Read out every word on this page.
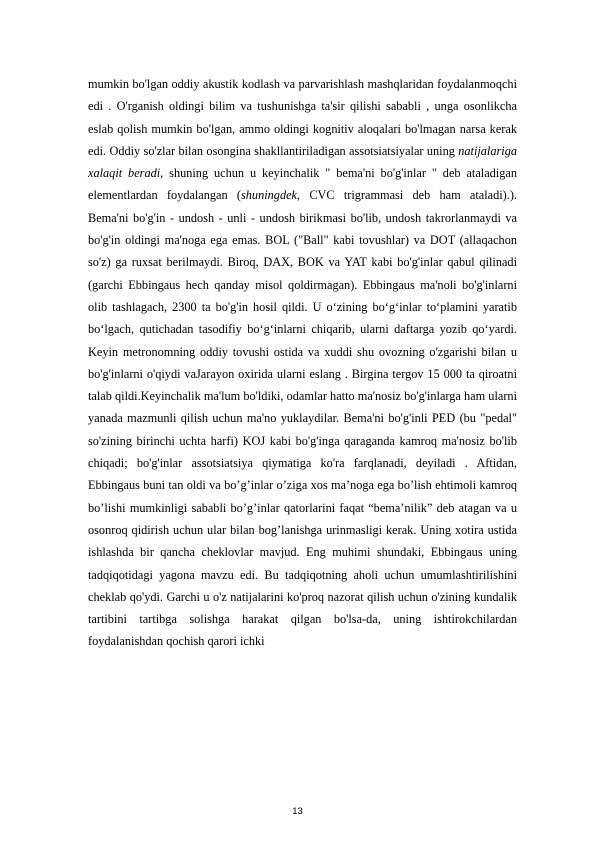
mumkin bo'lgan oddiy akustik kodlash va parvarishlash mashqlaridan foydalanmoqchi edi . O'rganish oldingi bilim va tushunishga ta'sir qilishi sababli , unga osonlikcha eslab qolish mumkin bo'lgan, ammo oldingi kognitiv aloqalari bo'lmagan narsa kerak edi. Oddiy so'zlar bilan osongina shakllantiriladigan assotsiatsiyalar uning natijalariga xalaqit beradi, shuning uchun u keyinchalik " bema'ni bo'g'inlar " deb ataladigan elementlardan foydalangan (shuningdek, CVC trigrammasi deb ham ataladi).). Bema'ni bo'g'in - undosh - unli - undosh birikmasi bo'lib, undosh takrorlanmaydi va bo'g'in oldingi ma'noga ega emas. BOL ("Ball" kabi tovushlar) va DOT (allaqachon so'z) ga ruxsat berilmaydi. Biroq, DAX, BOK va YAT kabi bo'g'inlar qabul qilinadi (garchi Ebbingaus hech qanday misol qoldirmagan). Ebbingaus ma'noli bo'g'inlarni olib tashlagach, 2300 ta bo'g'in hosil qildi. U o‘zining bo‘g‘inlar to‘plamini yaratib bo‘lgach, qutichadan tasodifiy bo‘g‘inlarni chiqarib, ularni daftarga yozib qo‘yardi. Keyin metronomning oddiy tovushi ostida va xuddi shu ovozning o'zgarishi bilan u bo'g'inlarni o'qiydi vaJarayon oxirida ularni eslang . Birgina tergov 15 000 ta qiroatni talab qildi.Keyinchalik ma'lum bo'ldiki, odamlar hatto ma'nosiz bo'g'inlarga ham ularni yanada mazmunli qilish uchun ma'no yuklaydilar. Bema'ni bo'g'inli PED (bu "pedal" so'zining birinchi uchta harfi) KOJ kabi bo'g'inga qaraganda kamroq ma'nosiz bo'lib chiqadi; bo'g'inlar assotsiatsiya qiymatiga ko'ra farqlanadi, deyiladi . Aftidan, Ebbingaus buni tan oldi va bo’g’inlar o’ziga xos ma’noga ega bo’lish ehtimoli kamroq bo’lishi mumkinligi sababli bo’g’inlar qatorlarini faqat “bema’nilik” deb atagan va u osonroq qidirish uchun ular bilan bog’lanishga urinmasligi kerak. Uning xotira ustida ishlashda bir qancha cheklovlar mavjud. Eng muhimi shundaki, Ebbingaus uning tadqiqotidagi yagona mavzu edi. Bu tadqiqotning aholi uchun umumlashtirilishini cheklab qo'ydi. Garchi u o'z natijalarini ko'proq nazorat qilish uchun o'zining kundalik tartibini tartibga solishga harakat qilgan bo'lsa-da, uning ishtirokchilardan foydalanishdan qochish qarori ichki

13
